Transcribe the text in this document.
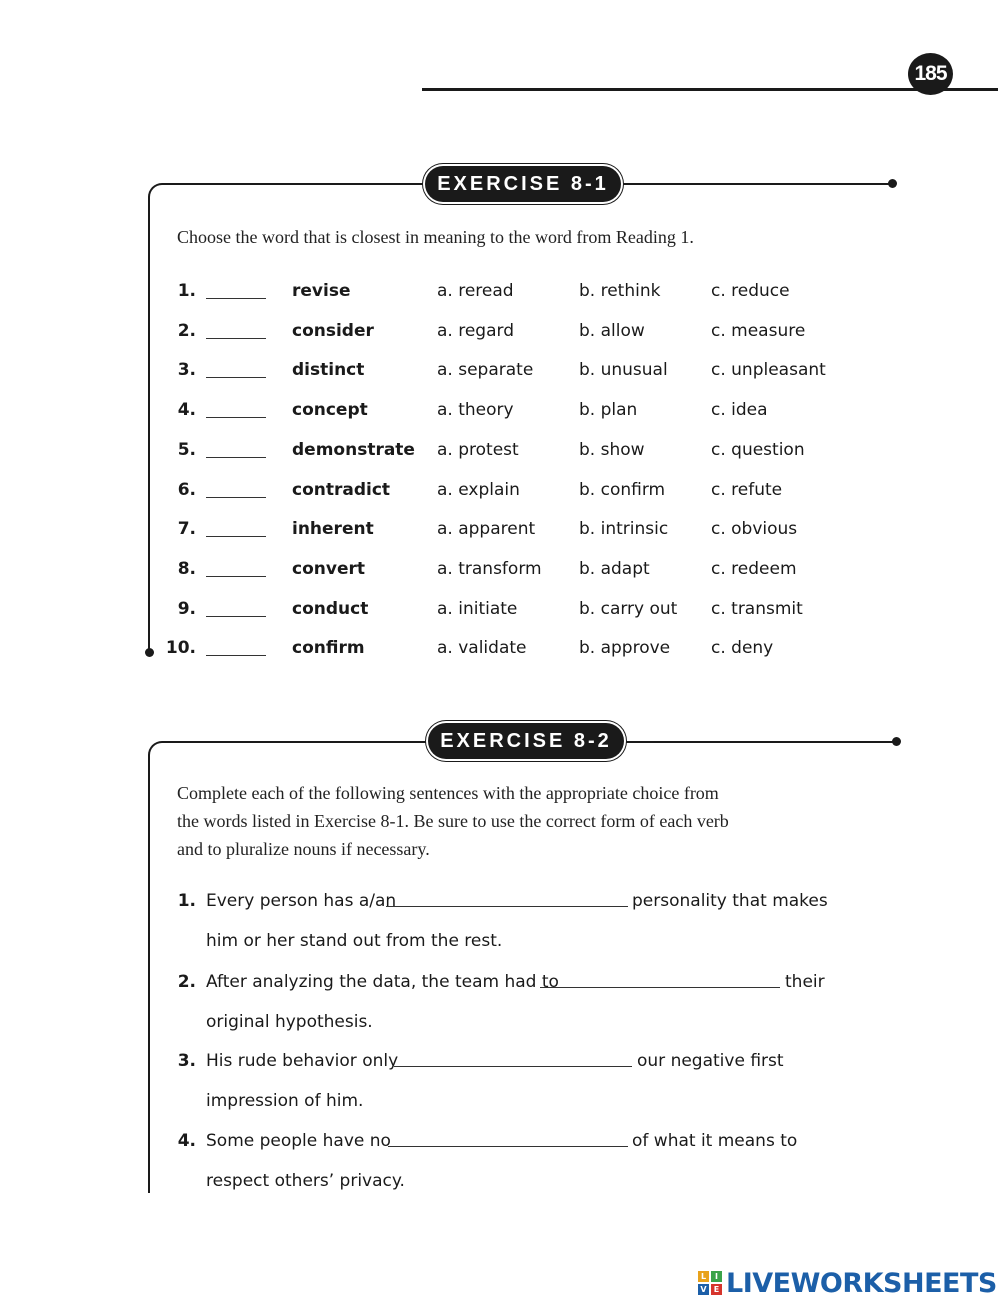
185
EXERCISE 8-1

Choose the word that is closest in meaning to the word from Reading 1.

1.	revise	a. reread	b. rethink	c. reduce
2.	consider	a. regard	b. allow	c. measure
3.	distinct	a. separate	b. unusual	c. unpleasant
4.	concept	a. theory	b. plan	c. idea
5.	demonstrate a. protest	b. show	c. question
6.	contradict	a. explain	b. confirm	c. refute
7.	inherent	a. apparent	b. intrinsic	c. obvious
8.	convert	a. transform b. adapt	c. redeem
9.	conduct	a. initiate	b. carry out c. transmit
10.	confirm	a. validate	b. approve c. deny
EXERCISE 8-2

Complete each of the following sentences with the appropriate choice from

the words listed in Exercise 8-1. Be sure to use the correct form of each verb

and to pluralize nouns if necessary.

1. Every person has a/an	personality that makes
him or her stand out from the rest.
2. After analyzing the data, the team had to	their
original hypothesis.
3. His rude behavior only	our negative first
impression of him.
4. Some people have no	of what it means to
respect others’ privacy.
L	I
V E LIVEWORKSHEETS
